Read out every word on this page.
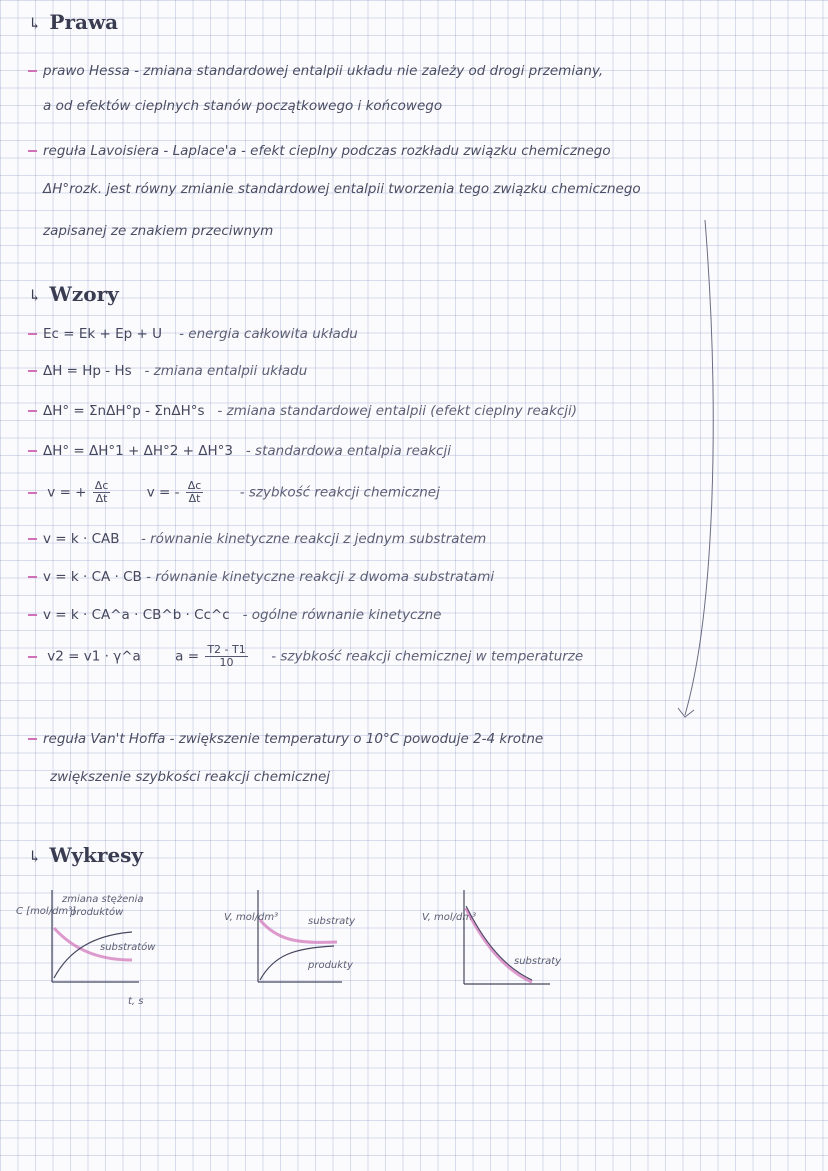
↳ Prawa
prawo Hessa - zmiana standardowej entalpii układu nie zależy od drogi przemiany,
a od efektów cieplnych stanów początkowego i końcowego
reguła Lavoisiera - Laplace'a - efekt cieplny podczas rozkładu związku chemicznego
ΔH°rozk. jest równy zmianie standardowej entalpii tworzenia tego związku chemicznego
zapisanej ze znakiem przeciwnym
↳ Wzory
Ec = Ek + Ep + U - energia całkowita układu
ΔH = Hp - Hs - zmiana entalpii układu
ΔH° = ΣnΔH°p - ΣnΔH°s - zmiana standardowej entalpii (efekt cieplny reakcji)
ΔH° = ΔH°1 + ΔH°2 + ΔH°3 - standardowa entalpia reakcji
v = + $\frac{\Delta c}{\Delta t}$	v = - $\frac{\Delta c}{\Delta t}$	- szybkość reakcji chemicznej
v = k · CAB - równanie kinetyczne reakcji z jednym substratem
v = k · CA · CB - równanie kinetyczne reakcji z dwoma substratami
v = k · CA^a · CB^b · Cc^c - ogólne równanie kinetyczne
v2 = v1 · γ^a	$a = \frac{T2 - T1}{10}$ - szybkość reakcji chemicznej w temperaturze
reguła Van't Hoffa - zwiększenie temperatury o 10°C powoduje 2-4 krotne
zwiększenie szybkości reakcji chemicznej
↳ Wykresy
C [mol/dm³]
zmiana stężenia
produktów
substratów
t, s
V, mol/dm³	substraty
produkty
V, mol/dm³
substraty
